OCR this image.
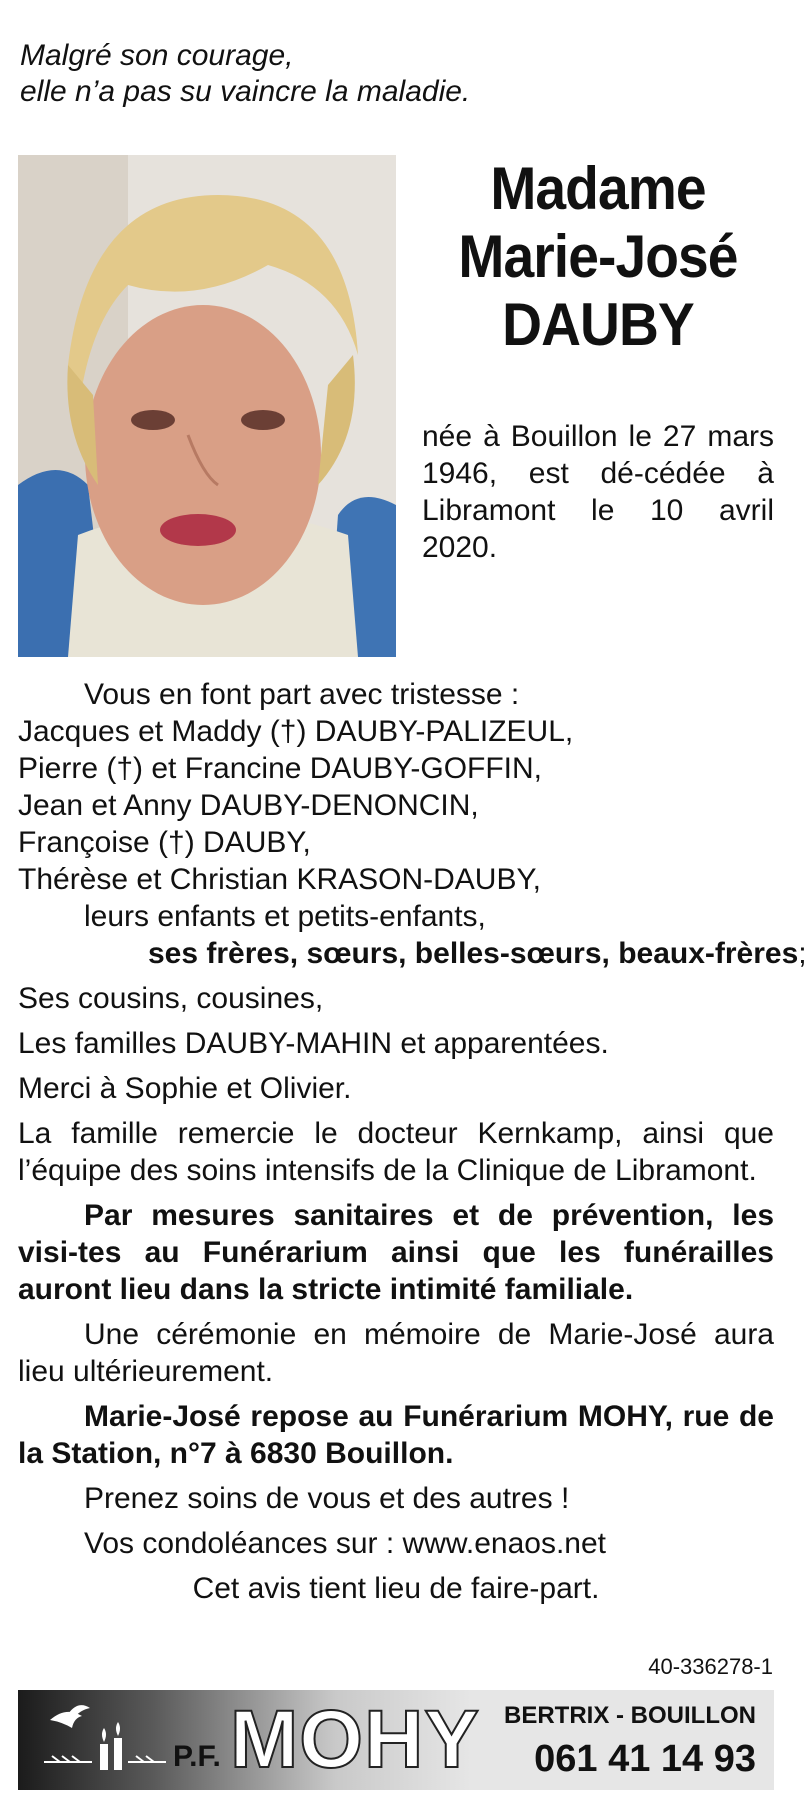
Malgré son courage,
elle n’a pas su vaincre la maladie.
Madame
Marie-José
DAUBY
née à Bouillon le 27 mars 1946, est dé-cédée à Libramont le 10 avril 2020.
Vous en font part avec tristesse :
Jacques et Maddy (†) DAUBY-PALIZEUL,
Pierre (†) et Francine DAUBY-GOFFIN,
Jean et Anny DAUBY-DENONCIN,
Françoise (†) DAUBY,
Thérèse et Christian KRASON-DAUBY,
leurs enfants et petits-enfants,
ses frères, sœurs, belles-sœurs, beaux-frères;
Ses cousins, cousines,
Les familles DAUBY-MAHIN et apparentées.
Merci à Sophie et Olivier.
La famille remercie le docteur Kernkamp, ainsi que l’équipe des soins intensifs de la Clinique de Libramont.
Par mesures sanitaires et de prévention, les visi-tes au Funérarium ainsi que les funérailles auront lieu dans la stricte intimité familiale.
Une cérémonie en mémoire de Marie-José aura lieu ultérieurement.
Marie-José repose au Funérarium MOHY, rue de la Station, n°7 à 6830 Bouillon.
Prenez soins de vous et des autres !
Vos condoléances sur : www.enaos.net
Cet avis tient lieu de faire-part.
40-336278-1
P.F. MOHY BERTRIX - BOUILLON
061 41 14 93
